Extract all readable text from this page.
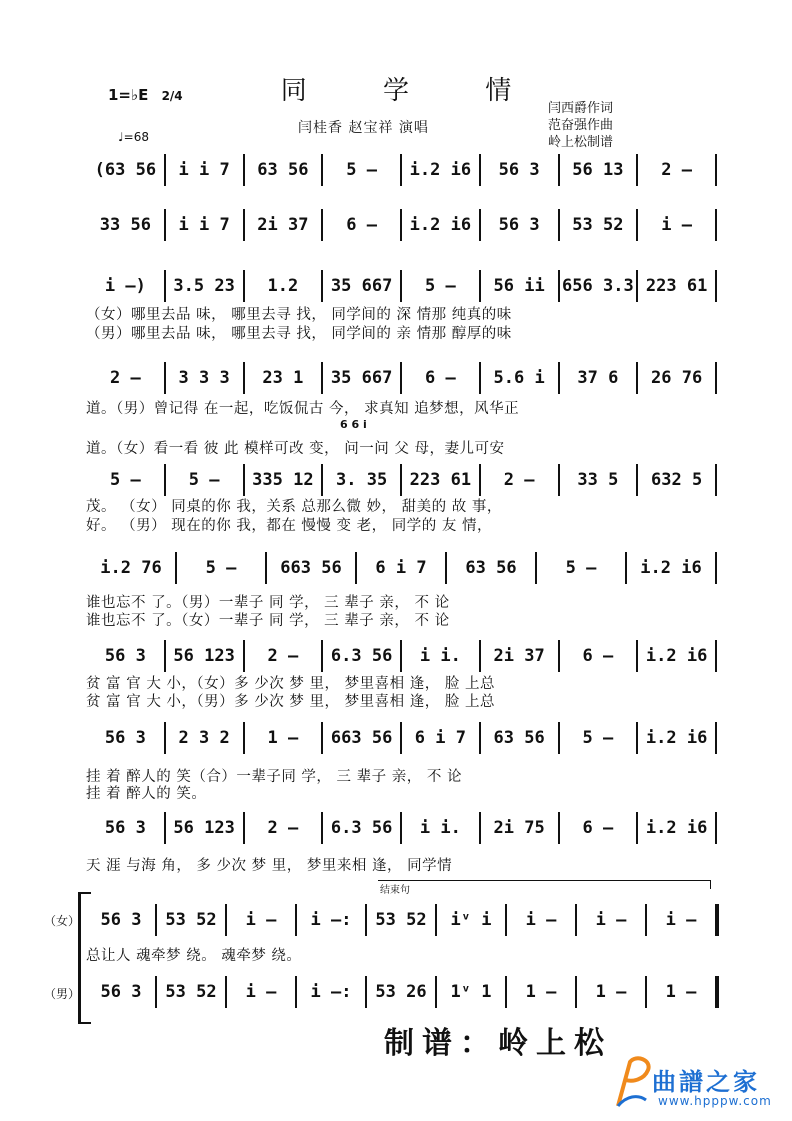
同 学 情
1=♭E 2/4
♩=68
闫桂香 赵宝祥 演唱
闫西爵作词
范奋强作曲
岭上松制谱
(63 56	i i 7	63 56	5 –	i.2 i6	56 3	56 13	2 –
33 56	i i 7	2i 37	6 –	i.2 i6	56 3	53 52	i –
i –)	3.5 23	1.2	35 667	5 –	56 ii	656 3.3 223 61
2 –	3 3 3	23 1	35 667	6 –	5.6 i	37 6	26 76
5 –	5 –	335 12	3. 35	223 61	2 –	33 5	632 5
i.2 76	5 –	663 56	6 i 7	63 56	5 –	i.2 i6
56 3	56 123	2 –	6.3 56	i i.	2i 37	6 –	i.2 i6
56 3	2 3 2	1 –	663 56	6 i 7	63 56	5 –	i.2 i6
56 3	56 123	2 –	6.3 56	i i.	2i 75	6 –	i.2 i6
56 3	53 52	i –	i –:	53 52	iᵛ i	i –	i –	i –
56 3	53 52	i –	i –:	53 26	1ᵛ 1	1 –	1 –	1 –
（女）哪里去品 味， 哪里去寻 找， 同学间的 深 情那 纯真的味
（男）哪里去品 味， 哪里去寻 找， 同学间的 亲 情那 醇厚的味
道。（男）曾记得 在一起，吃饭侃古 今， 求真知 追梦想，风华正
6 6 i
道。（女）看一看 彼 此 模样可改 变， 问一问 父 母，妻儿可安
茂。 （女） 同桌的你 我，关系 总那么微 妙， 甜美的 故 事，
好。 （男） 现在的你 我，都在 慢慢 变 老， 同学的 友 情，
谁也忘不 了。（男）一辈子 同 学， 三 辈子 亲， 不 论
谁也忘不 了。（女）一辈子 同 学， 三 辈子 亲， 不 论
贫 富 官 大 小，（女）多 少次 梦 里， 梦里喜相 逢， 脸 上总
贫 富 官 大 小，（男）多 少次 梦 里， 梦里喜相 逢， 脸 上总
挂 着 醉人的 笑（合）一辈子同 学， 三 辈子 亲， 不 论
挂 着 醉人的 笑。
天 涯 与海 角， 多 少次 梦 里， 梦里来相 逢， 同学情
总让人 魂牵梦 绕。 魂牵梦 绕。
（女）
（男）
结束句
制谱：岭上松
曲譜之家
www.hpppw.com
